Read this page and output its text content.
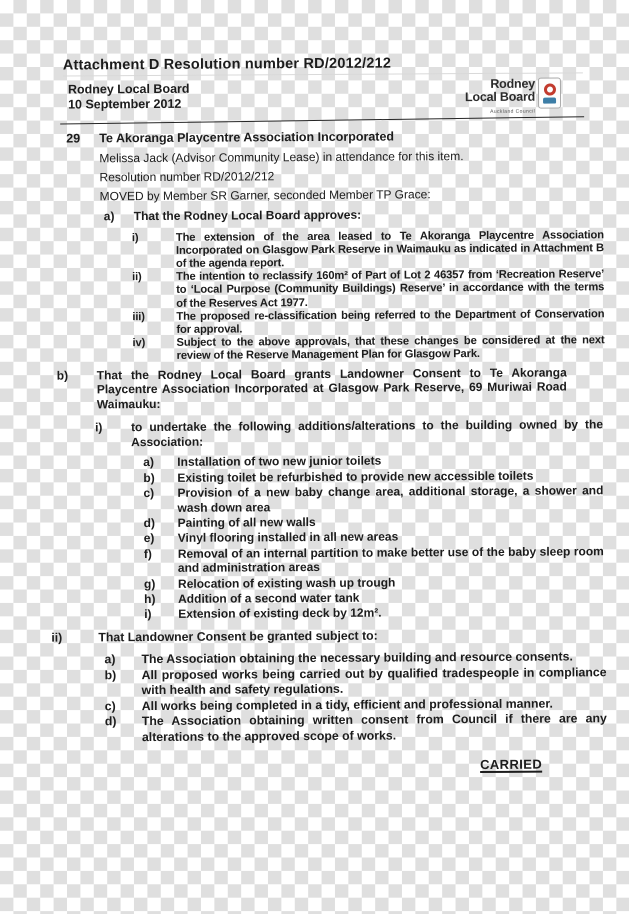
Attachment D Resolution number RD/2012/212
Rodney Local Board
10 September 2012
Rodney
Local Board
Auckland Council
29	Te Akoranga Playcentre Association Incorporated
Melissa Jack (Advisor Community Lease) in attendance for this item.
Resolution number RD/2012/212
MOVED by Member SR Garner, seconded Member TP Grace:
a)	That the Rodney Local Board approves:
i)	The extension of the area leased to Te Akoranga Playcentre Association Incorporated on Glasgow Park Reserve in Waimauku as indicated in Attachment B of the agenda report.
ii)	The intention to reclassify 160m² of Part of Lot 2 46357 from ‘Recreation Reserve’ to ‘Local Purpose (Community Buildings) Reserve’ in accordance with the terms of the Reserves Act 1977.
iii)	The proposed re-classification being referred to the Department of Conservation for approval.
iv)	Subject to the above approvals, that these changes be considered at the next review of the Reserve Management Plan for Glasgow Park.
b)	That the Rodney Local Board grants Landowner Consent to Te Akoranga Playcentre Association Incorporated at Glasgow Park Reserve, 69 Muriwai Road Waimauku:
i)	to undertake the following additions/alterations to the building owned by the Association:
a)	Installation of two new junior toilets
b)	Existing toilet be refurbished to provide new accessible toilets
c)	Provision of a new baby change area, additional storage, a shower and wash down area
d)	Painting of all new walls
e)	Vinyl flooring installed in all new areas
f)	Removal of an internal partition to make better use of the baby sleep room and administration areas
g)	Relocation of existing wash up trough
h)	Addition of a second water tank
i)	Extension of existing deck by 12m².
ii)	That Landowner Consent be granted subject to:
a)	The Association obtaining the necessary building and resource consents.
b)	All proposed works being carried out by qualified tradespeople in compliance with health and safety regulations.
c)	All works being completed in a tidy, efficient and professional manner.
d)	The Association obtaining written consent from Council if there are any alterations to the approved scope of works.
CARRIED
